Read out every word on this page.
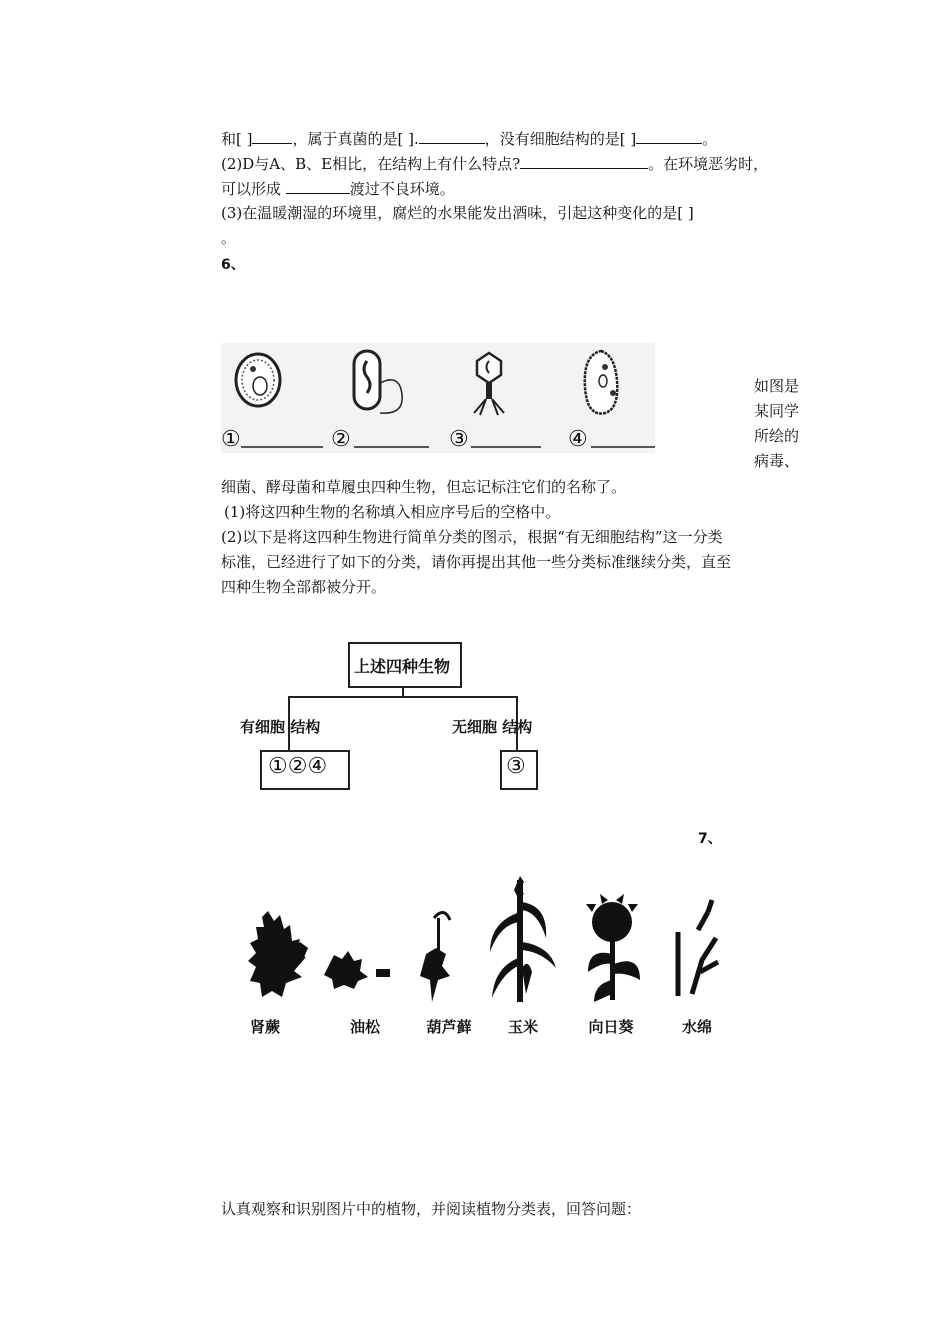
和[ ]	，属于真菌的是[ ].	，没有细胞结构的是[ ]	。
(2)D与A、B、E相比，在结构上有什么特点?	。在环境恶劣时，
可以形成	渡过不良环境。
(3)在温暖潮湿的环境里，腐烂的水果能发出酒味，引起这种变化的是[ ]
。
6、
①	②	③	④
如图是
某同学
所绘的
病毒、
细菌、酵母菌和草履虫四种生物，但忘记标注它们的名称了。
(1)将这四种生物的名称填入相应序号后的空格中。
(2)以下是将这四种生物进行简单分类的图示，根据“有无细胞结构”这一分类
标准，已经进行了如下的分类，请你再提出其他一些分类标准继续分类，直至
四种生物全部都被分开。
上述四种生物
有细胞 结构	无细胞 结构
①②④	③
7、
肾蕨	油松	葫芦藓	玉米	向日葵	水绵
认真观察和识别图片中的植物，并阅读植物分类表，回答问题：
